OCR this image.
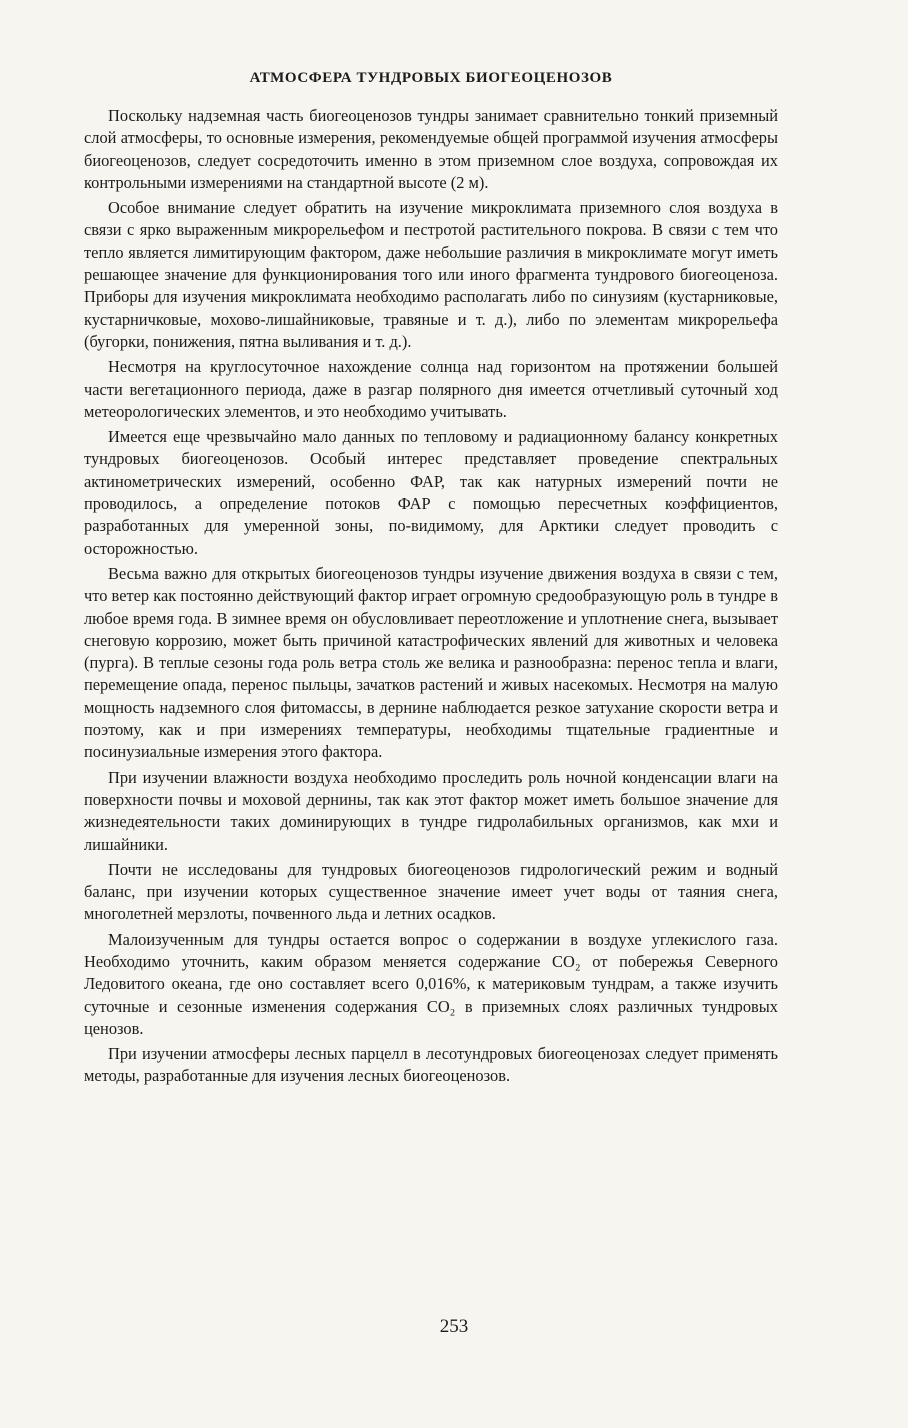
АТМОСФЕРА ТУНДРОВЫХ БИОГЕОЦЕНОЗОВ

Поскольку надземная часть биогеоценозов тундры занимает сравнительно тонкий приземный слой атмосферы, то основные измерения, рекомендуемые общей программой изучения атмосферы биогеоценозов, следует сосредоточить именно в этом приземном слое воздуха, сопровождая их контрольными измерениями на стандартной высоте (2 м).

Особое внимание следует обратить на изучение микроклимата приземного слоя воздуха в связи с ярко выраженным микрорельефом и пестротой растительного покрова. В связи с тем что тепло является лимитирующим фактором, даже небольшие различия в микроклимате могут иметь решающее значение для функционирования того или иного фрагмента тундрового биогеоценоза. Приборы для изучения микроклимата необходимо располагать либо по синузиям (кустарниковые, кустарничковые, мохово-лишайниковые, травяные и т. д.), либо по элементам микрорельефа (бугорки, понижения, пятна выливания и т. д.).

Несмотря на круглосуточное нахождение солнца над горизонтом на протяжении большей части вегетационного периода, даже в разгар полярного дня имеется отчетливый суточный ход метеорологических элементов, и это необходимо учитывать.

Имеется еще чрезвычайно мало данных по тепловому и радиационному балансу конкретных тундровых биогеоценозов. Особый интерес представляет проведение спектральных актинометрических измерений, особенно ФАР, так как натурных измерений почти не проводилось, а определение потоков ФАР с помощью пересчетных коэффициентов, разработанных для умеренной зоны, по-видимому, для Арктики следует проводить с осторожностью.

Весьма важно для открытых биогеоценозов тундры изучение движения воздуха в связи с тем, что ветер как постоянно действующий фактор играет огромную средообразующую роль в тундре в любое время года. В зимнее время он обусловливает переотложение и уплотнение снега, вызывает снеговую коррозию, может быть причиной катастрофических явлений для животных и человека (пурга). В теплые сезоны года роль ветра столь же велика и разнообразна: перенос тепла и влаги, перемещение опада, перенос пыльцы, зачатков растений и живых насекомых. Несмотря на малую мощность надземного слоя фитомассы, в дернине наблюдается резкое затухание скорости ветра и поэтому, как и при измерениях температуры, необходимы тщательные градиентные и посинузиальные измерения этого фактора.

При изучении влажности воздуха необходимо проследить роль ночной конденсации влаги на поверхности почвы и моховой дернины, так как этот фактор может иметь большое значение для жизнедеятельности таких доминирующих в тундре гидролабильных организмов, как мхи и лишайники.

Почти не исследованы для тундровых биогеоценозов гидрологический режим и водный баланс, при изучении которых существенное значение имеет учет воды от таяния снега, многолетней мерзлоты, почвенного льда и летних осадков.

Малоизученным для тундры остается вопрос о содержании в воздухе углекислого газа. Необходимо уточнить, каким образом меняется содержание CO₂ от побережья Северного Ледовитого океана, где оно составляет всего 0,016%, к материковым тундрам, а также изучить суточные и сезонные изменения содержания CO₂ в приземных слоях различных тундровых ценозов.

При изучении атмосферы лесных парцелл в лесотундровых биогеоценозах следует применять методы, разработанные для изучения лесных биогеоценозов.

253
